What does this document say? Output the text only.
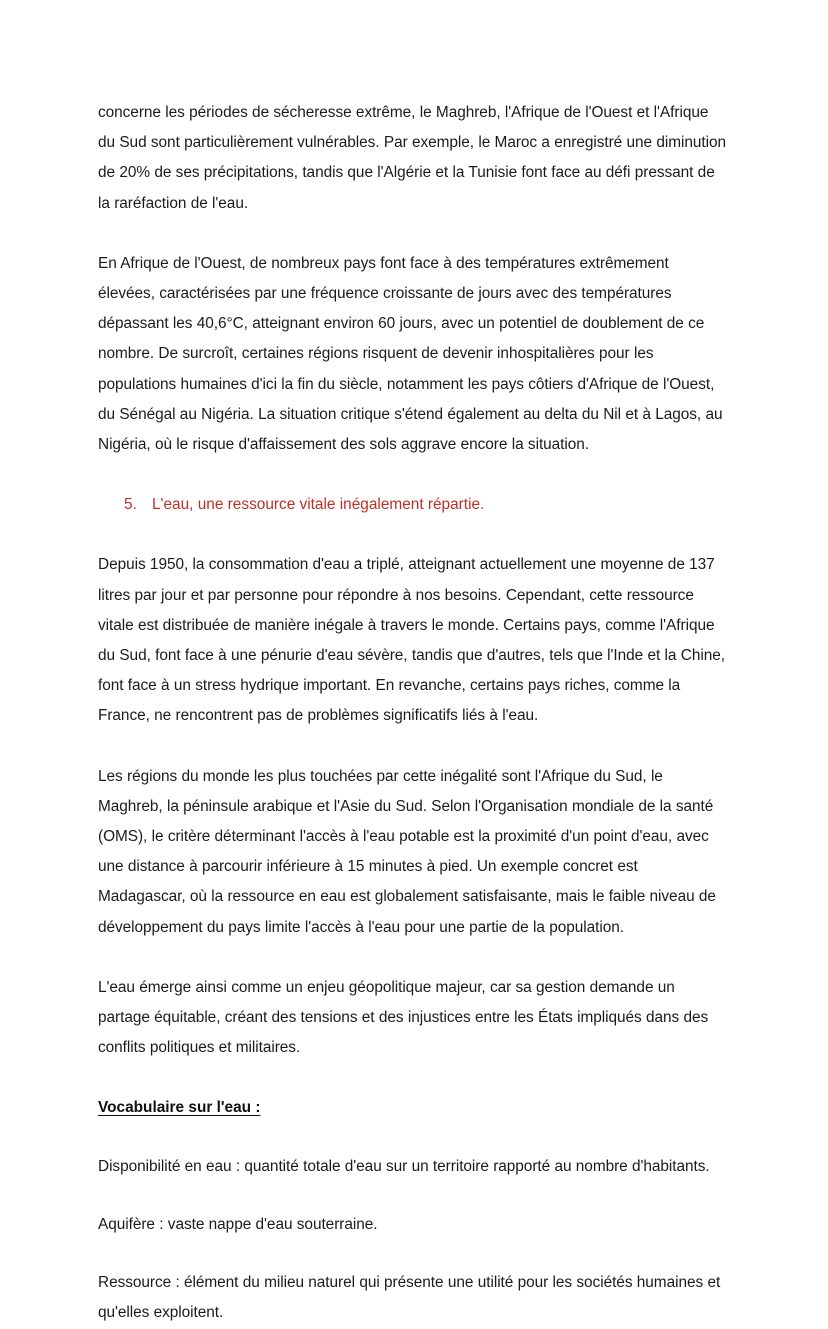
concerne les périodes de sécheresse extrême, le Maghreb, l'Afrique de l'Ouest et l'Afrique du Sud sont particulièrement vulnérables. Par exemple, le Maroc a enregistré une diminution de 20% de ses précipitations, tandis que l'Algérie et la Tunisie font face au défi pressant de la raréfaction de l'eau.

En Afrique de l'Ouest, de nombreux pays font face à des températures extrêmement élevées, caractérisées par une fréquence croissante de jours avec des températures dépassant les 40,6°C, atteignant environ 60 jours, avec un potentiel de doublement de ce nombre. De surcroît, certaines régions risquent de devenir inhospitalières pour les populations humaines d'ici la fin du siècle, notamment les pays côtiers d'Afrique de l'Ouest, du Sénégal au Nigéria. La situation critique s'étend également au delta du Nil et à Lagos, au Nigéria, où le risque d'affaissement des sols aggrave encore la situation.

5. L'eau, une ressource vitale inégalement répartie.

Depuis 1950, la consommation d'eau a triplé, atteignant actuellement une moyenne de 137 litres par jour et par personne pour répondre à nos besoins. Cependant, cette ressource vitale est distribuée de manière inégale à travers le monde. Certains pays, comme l'Afrique du Sud, font face à une pénurie d'eau sévère, tandis que d'autres, tels que l'Inde et la Chine, font face à un stress hydrique important. En revanche, certains pays riches, comme la France, ne rencontrent pas de problèmes significatifs liés à l'eau.

Les régions du monde les plus touchées par cette inégalité sont l'Afrique du Sud, le Maghreb, la péninsule arabique et l'Asie du Sud. Selon l'Organisation mondiale de la santé (OMS), le critère déterminant l'accès à l'eau potable est la proximité d'un point d'eau, avec une distance à parcourir inférieure à 15 minutes à pied. Un exemple concret est Madagascar, où la ressource en eau est globalement satisfaisante, mais le faible niveau de développement du pays limite l'accès à l'eau pour une partie de la population.

L'eau émerge ainsi comme un enjeu géopolitique majeur, car sa gestion demande un partage équitable, créant des tensions et des injustices entre les États impliqués dans des conflits politiques et militaires.

Vocabulaire sur l'eau :

Disponibilité en eau : quantité totale d'eau sur un territoire rapporté au nombre d'habitants.

Aquifère : vaste nappe d'eau souterraine.

Ressource : élément du milieu naturel qui présente une utilité pour les sociétés humaines et qu'elles exploitent.
